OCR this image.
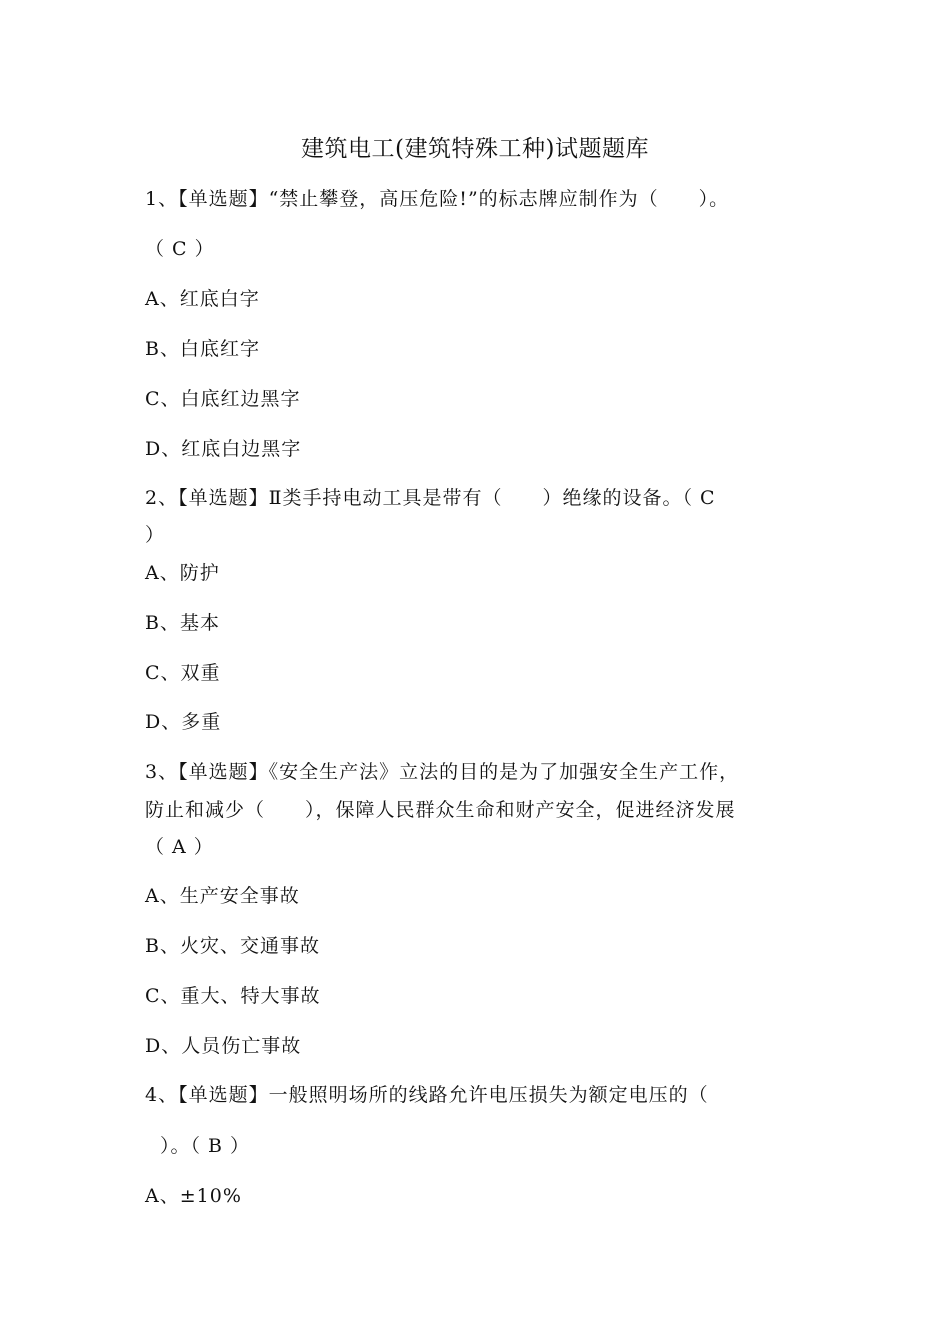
建筑电工(建筑特殊工种)试题题库
1、【单选题】“禁止攀登，高压危险!”的标志牌应制作为（　　）。
（ C ）
A、红底白字
B、白底红字
C、白底红边黑字
D、红底白边黑字
2、【单选题】Ⅱ类手持电动工具是带有（　　）绝缘的设备。（ C
）
A、防护
B、基本
C、双重
D、多重
3、【单选题】《安全生产法》立法的目的是为了加强安全生产工作，
防止和减少（　　），保障人民群众生命和财产安全，促进经济发展
（ A ）
A、生产安全事故
B、火灾、交通事故
C、重大、特大事故
D、人员伤亡事故
4、【单选题】一般照明场所的线路允许电压损失为额定电压的（
）。（ B ）
A、±10%
